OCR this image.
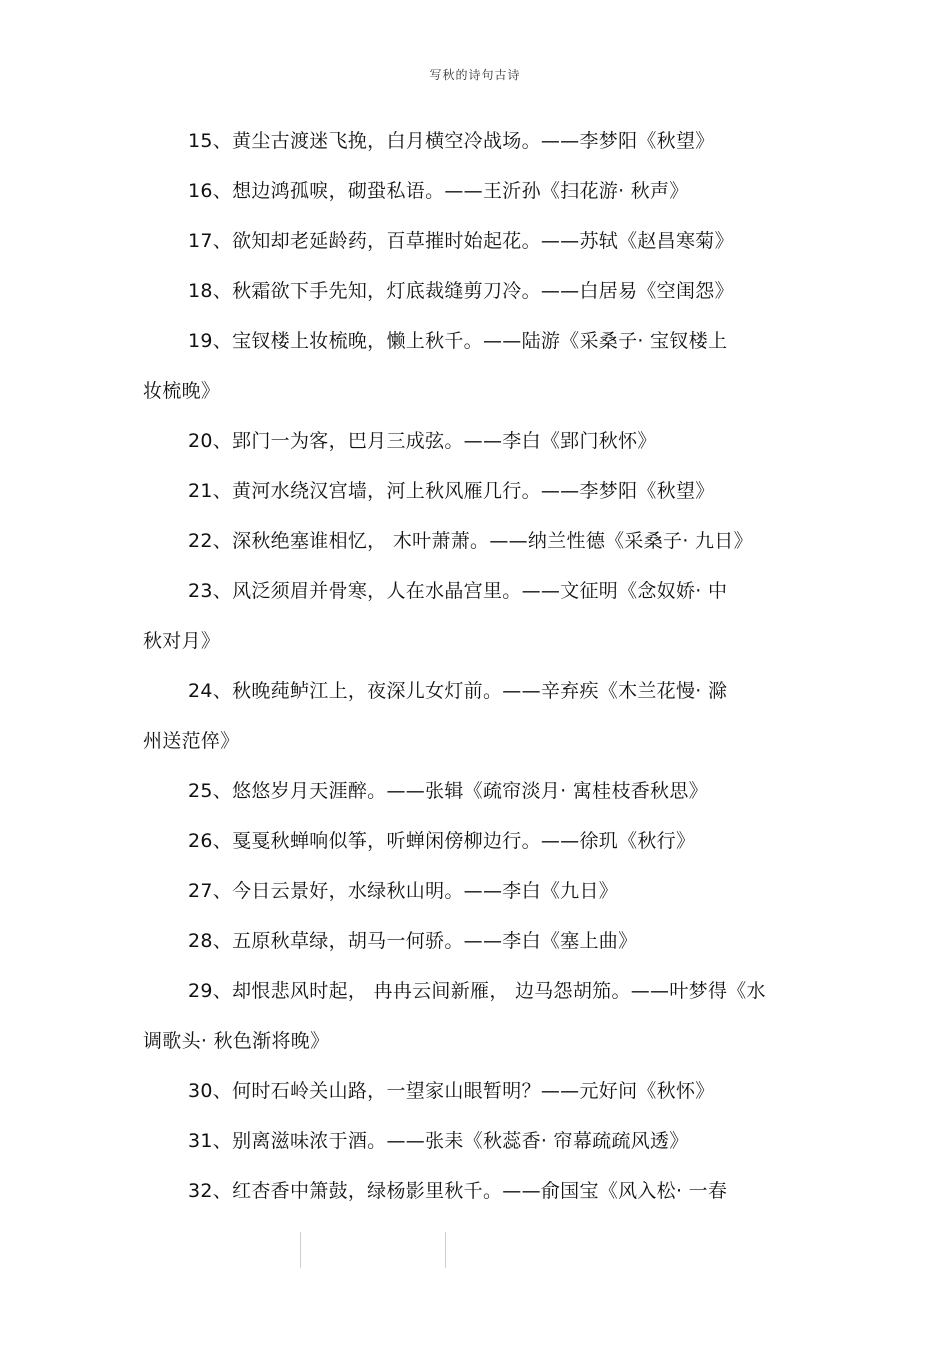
写秋的诗句古诗
15、黄尘古渡迷飞挽，白月横空冷战场。——李梦阳《秋望》
16、想边鸿孤唳，砌蛩私语。——王沂孙《扫花游· 秋声》
17、欲知却老延龄药，百草摧时始起花。——苏轼《赵昌寒菊》
18、秋霜欲下手先知，灯底裁缝剪刀冷。——白居易《空闺怨》
19、宝钗楼上妆梳晚，懒上秋千。——陆游《采桑子· 宝钗楼上
妆梳晚》
20、郢门一为客，巴月三成弦。——李白《郢门秋怀》
21、黄河水绕汉宫墙，河上秋风雁几行。——李梦阳《秋望》
22、深秋绝塞谁相忆， 木叶萧萧。——纳兰性德《采桑子· 九日》
23、风泛须眉并骨寒，人在水晶宫里。——文征明《念奴娇· 中
秋对月》
24、秋晚莼鲈江上，夜深儿女灯前。——辛弃疾《木兰花慢· 滁
州送范倅》
25、悠悠岁月天涯醉。——张辑《疏帘淡月· 寓桂枝香秋思》
26、戛戛秋蝉响似筝，听蝉闲傍柳边行。——徐玑《秋行》
27、今日云景好，水绿秋山明。——李白《九日》
28、五原秋草绿，胡马一何骄。——李白《塞上曲》
29、却恨悲风时起， 冉冉云间新雁， 边马怨胡笳。——叶梦得《水
调歌头· 秋色渐将晚》
30、何时石岭关山路，一望家山眼暂明？——元好问《秋怀》
31、别离滋味浓于酒。——张耒《秋蕊香· 帘幕疏疏风透》
32、红杏香中箫鼓，绿杨影里秋千。——俞国宝《风入松· 一春
